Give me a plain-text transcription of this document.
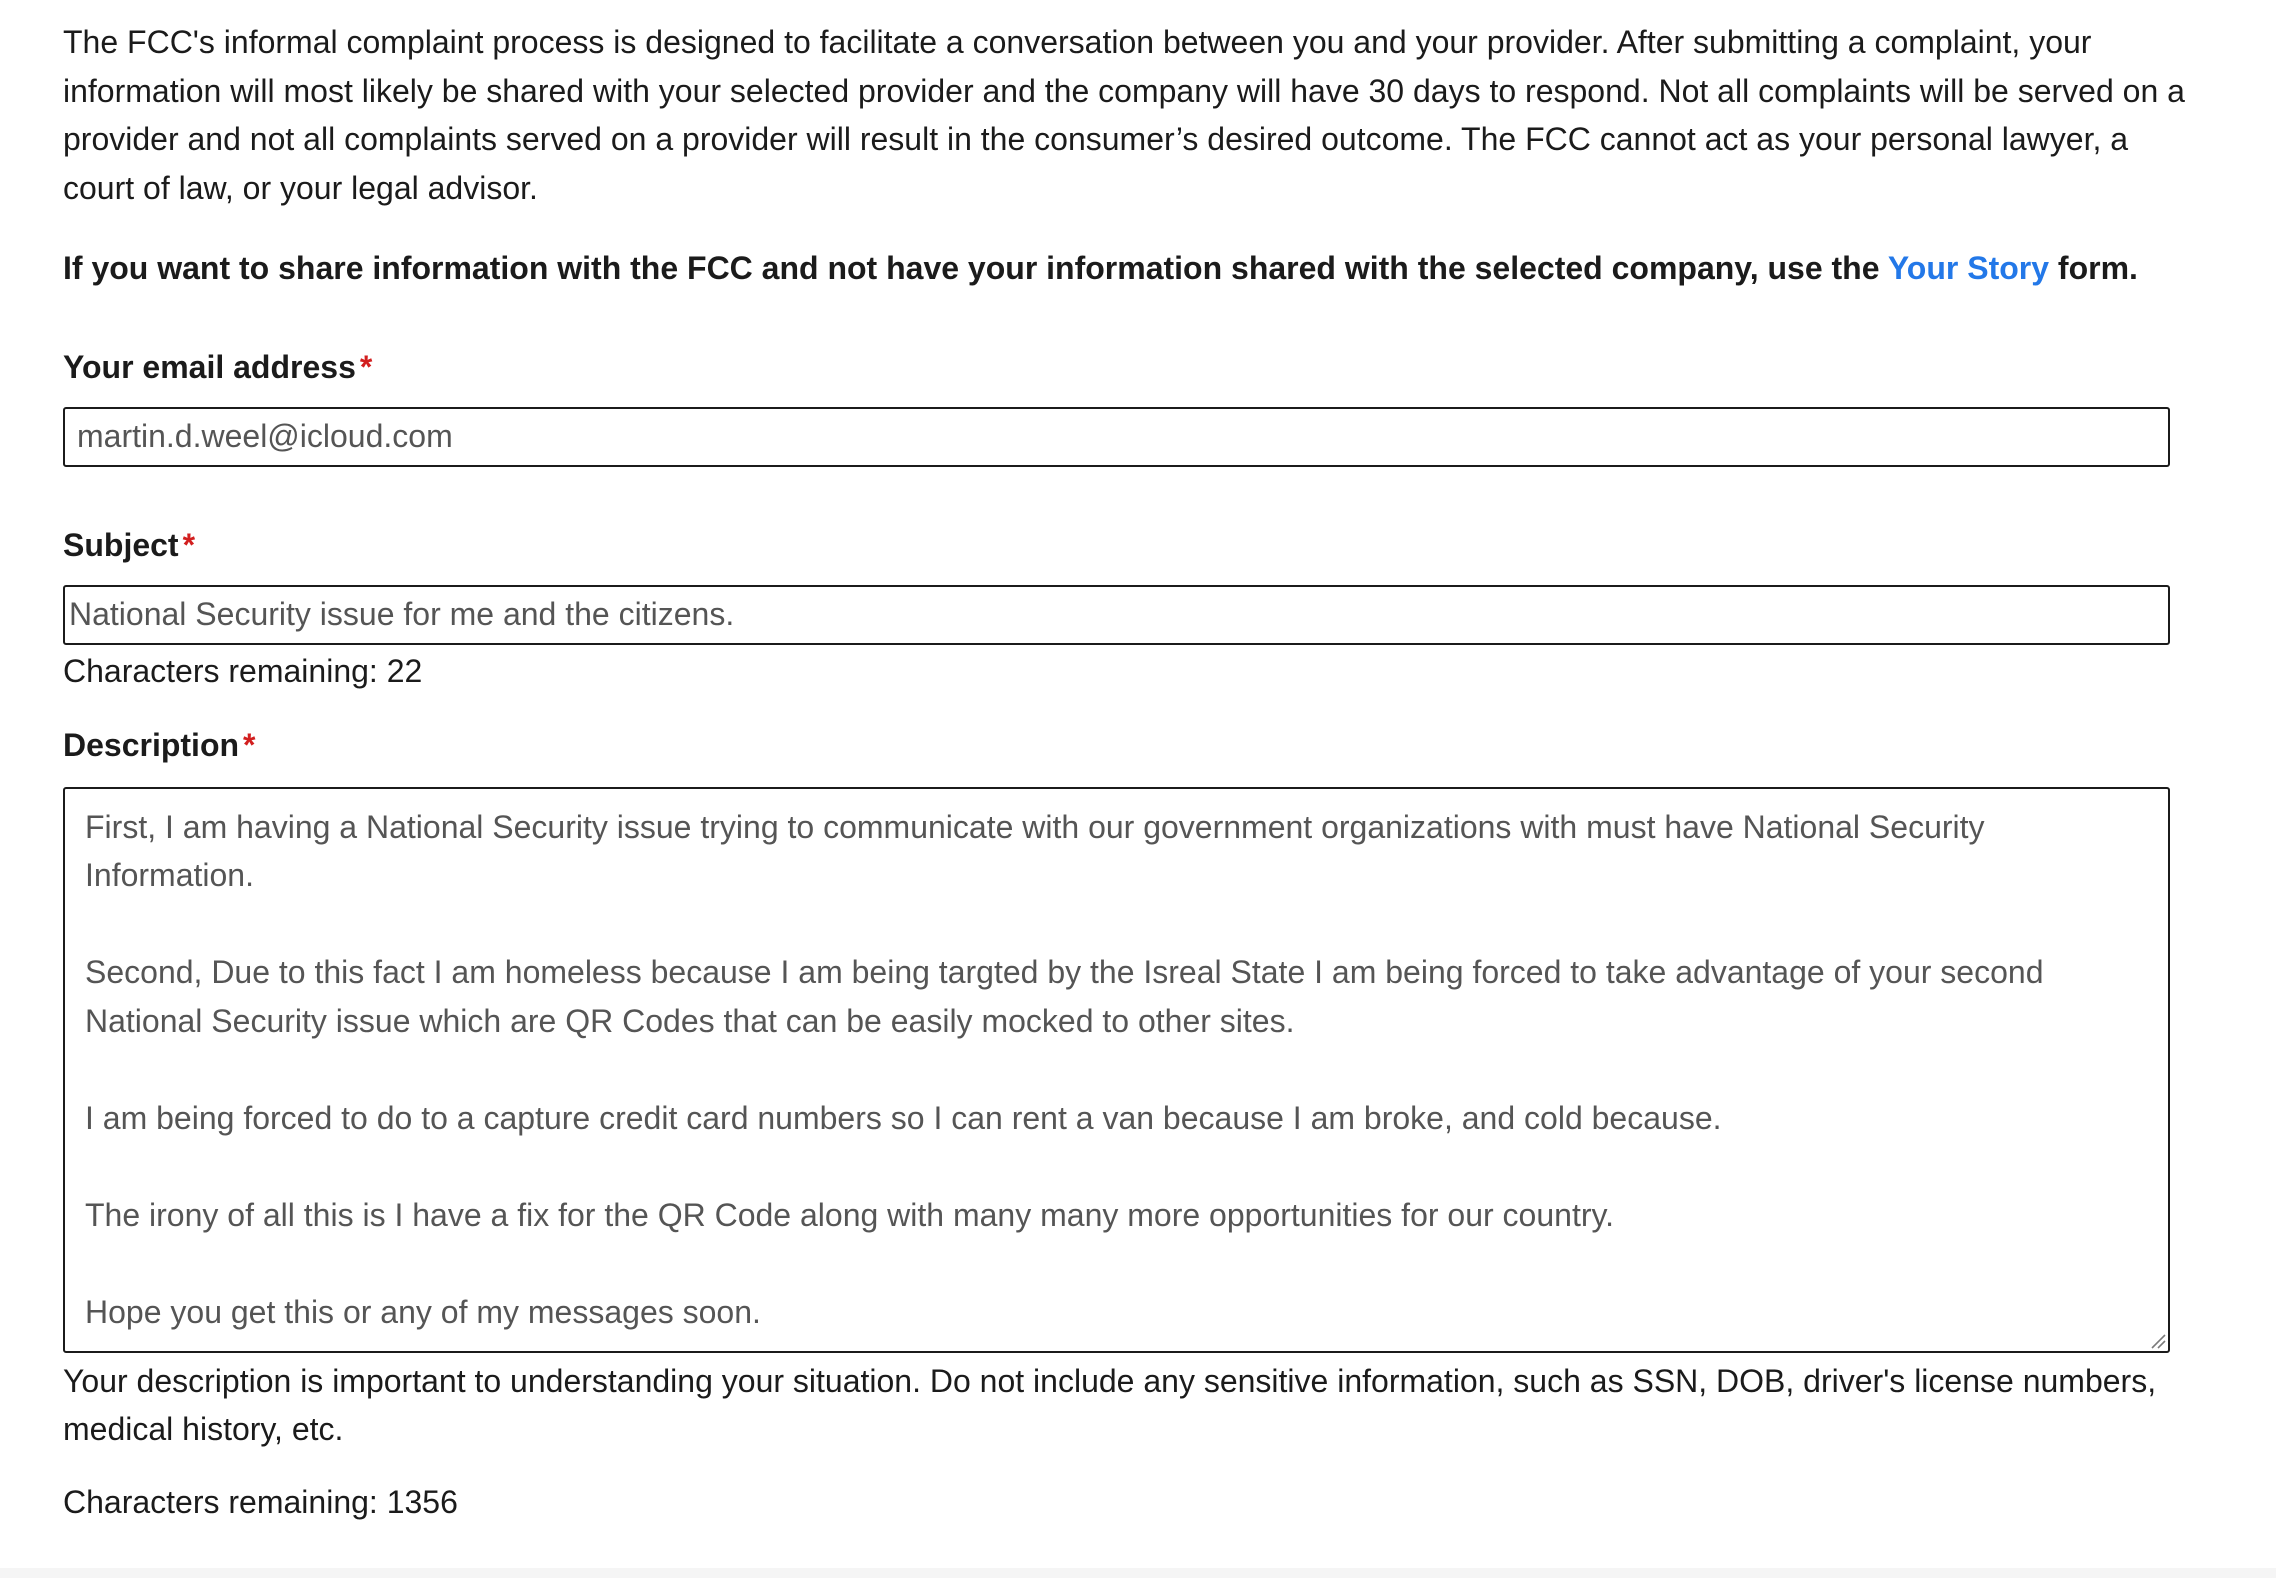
The FCC's informal complaint process is designed to facilitate a conversation between you and your provider. After submitting a complaint, your information will most likely be shared with your selected provider and the company will have 30 days to respond. Not all complaints will be served on a provider and not all complaints served on a provider will result in the consumer’s desired outcome. The FCC cannot act as your personal lawyer, a court of law, or your legal advisor.

If you want to share information with the FCC and not have your information shared with the selected company, use the Your Story form.

Your email address *
martin.d.weel@icloud.com
Subject *
National Security issue for me and the citizens.
Characters remaining: 22
Description *

First, I am having a National Security issue trying to communicate with our government organizations with must have National Security Information.

Second, Due to this fact I am homeless because I am being targted by the Isreal State I am being forced to take advantage of your second National Security issue which are QR Codes that can be easily mocked to other sites.

I am being forced to do to a capture credit card numbers so I can rent a van because I am broke, and cold because.

The irony of all this is I have a fix for the QR Code along with many many more opportunities for our country.

Hope you get this or any of my messages soon.

Your description is important to understanding your situation. Do not include any sensitive information, such as SSN, DOB, driver's license numbers, medical history, etc.

Characters remaining: 1356
